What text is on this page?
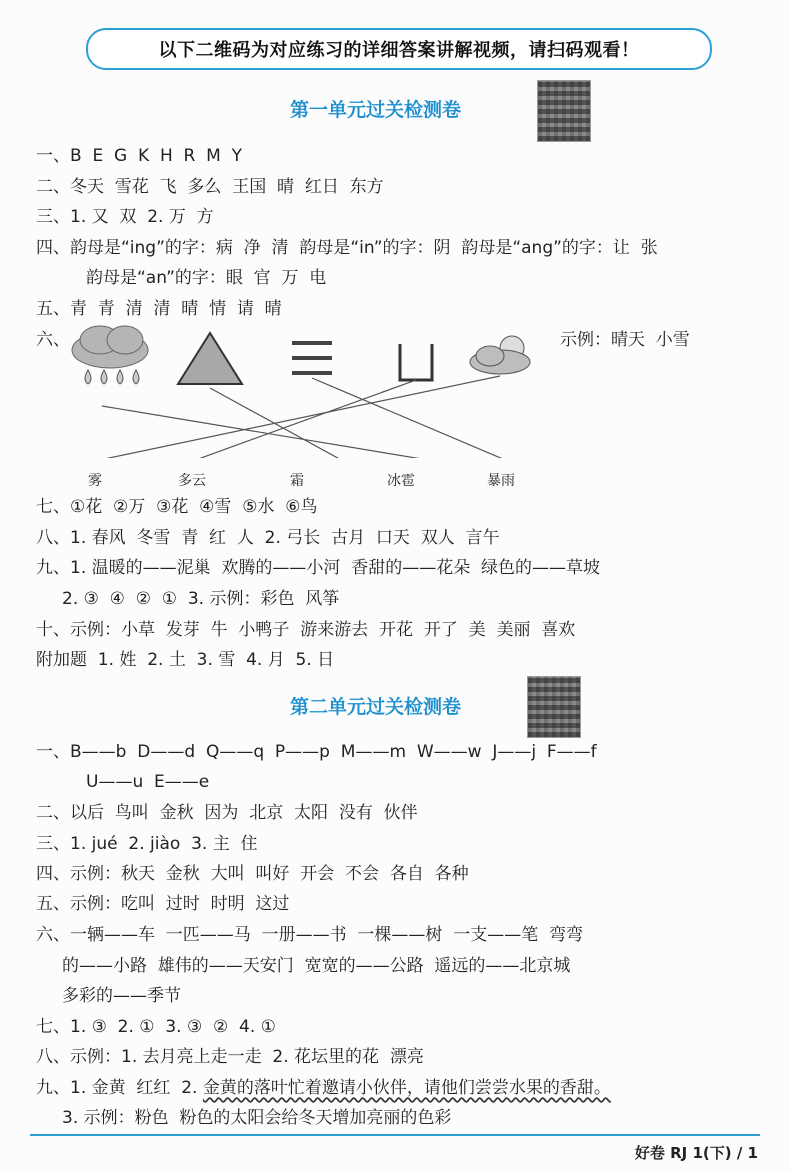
以下二维码为对应练习的详细答案讲解视频，请扫码观看！
第一单元过关检测卷
一、B  E  G  K  H  R  M  Y
二、冬天  雪花  飞  多么  王国  晴  红日  东方
三、1. 又  双  2. 万  方
四、韵母是“ing”的字：病  净  清  韵母是“in”的字：阴  韵母是“ang”的字：让  张
韵母是“an”的字：眼  官  万  电
五、青  青  清  清  晴  情  请  晴
六、	示例：晴天  小雪
雾	多云	霜	冰雹	暴雨
七、①花  ②万  ③花  ④雪  ⑤水  ⑥鸟
八、1. 春风  冬雪  青  红  人  2. 弓长  古月  口天  双人  言午
九、1. 温暖的——泥巢  欢腾的——小河  香甜的——花朵  绿色的——草坡
2. ③  ④  ②  ①  3. 示例：彩色  风筝
十、示例：小草  发芽  牛  小鸭子  游来游去  开花  开了  美  美丽  喜欢
附加题  1. 姓  2. 土  3. 雪  4. 月  5. 日
第二单元过关检测卷
一、B——b  D——d  Q——q  P——p  M——m  W——w  J——j  F——f
U——u  E——e
二、以后  鸟叫  金秋  因为  北京  太阳  没有  伙伴
三、1. jué  2. jiào  3. 主  住
四、示例：秋天  金秋  大叫  叫好  开会  不会  各自  各种
五、示例：吃叫  过时  时明  这过
六、一辆——车  一匹——马  一册——书  一棵——树  一支——笔  弯弯
的——小路  雄伟的——天安门  宽宽的——公路  遥远的——北京城
多彩的——季节
七、1. ③  2. ①  3. ③  ②  4. ①
八、示例：1. 去月亮上走一走  2. 花坛里的花  漂亮
九、1. 金黄  红红  2. 金黄的落叶忙着邀请小伙伴，请他们尝尝水果的香甜。
3. 示例：粉色  粉色的太阳会给冬天增加亮丽的色彩
好卷 RJ 1(下) / 1
